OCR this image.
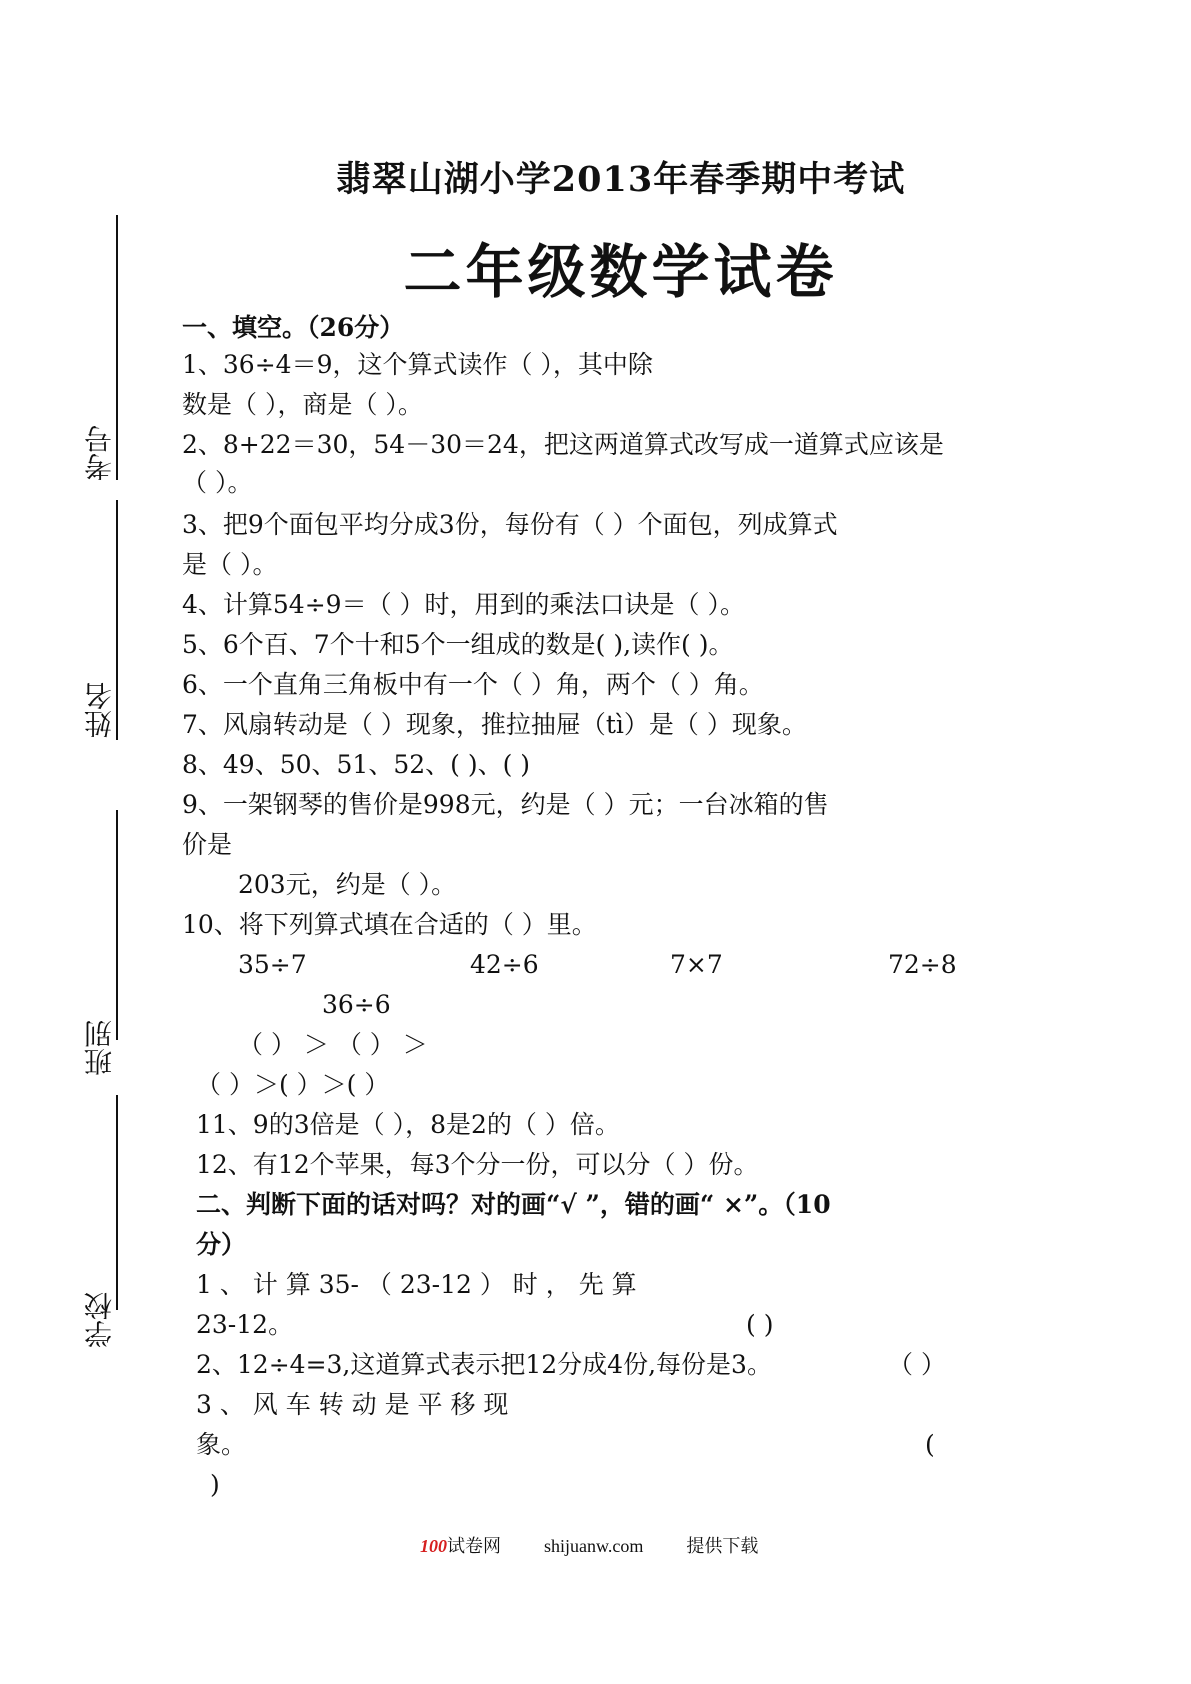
翡翠山湖小学2013年春季期中考试
二年级数学试卷
考号
姓名
班别
学校
一、填空。（26分）
1、36÷4＝9，这个算式读作（ ），其中除
数是（ ），商是（ ）。
2、8+22＝30，54－30＝24，把这两道算式改写成一道算式应该是
（ ）。
3、把9个面包平均分成3份，每份有（ ）个面包，列成算式
是（ ）。
4、计算54÷9＝（ ）时，用到的乘法口诀是（ ）。
5、6个百、7个十和5个一组成的数是( ),读作( )。
6、一个直角三角板中有一个（ ）角，两个（ ）角。
7、风扇转动是（ ）现象，推拉抽屉（tì）是（ ）现象。
8、49、50、51、52、( )、( )
9、一架钢琴的售价是998元，约是（ ）元；一台冰箱的售
价是
203元，约是（ ）。
10、将下列算式填在合适的（ ）里。
35÷7	42÷6	7×7	72÷8
36÷6
（ ） ＞ （ ） ＞
（ ）＞( ）＞( ）
11、9的3倍是（ ），8是2的（ ）倍。
12、有12个苹果，每3个分一份，可以分（ ）份。
二、判断下面的话对吗？对的画“√ ”，错的画“ ×”。（10
分）
1 、 计 算 35- （ 23-12 ） 时 ， 先 算
23-12。	( )
2、12÷4=3,这道算式表示把12分成4份,每份是3。	（ ）
3 、 风 车 转 动 是 平 移 现
象。	(
)
100试卷网 shijuanw.com 提供下载
